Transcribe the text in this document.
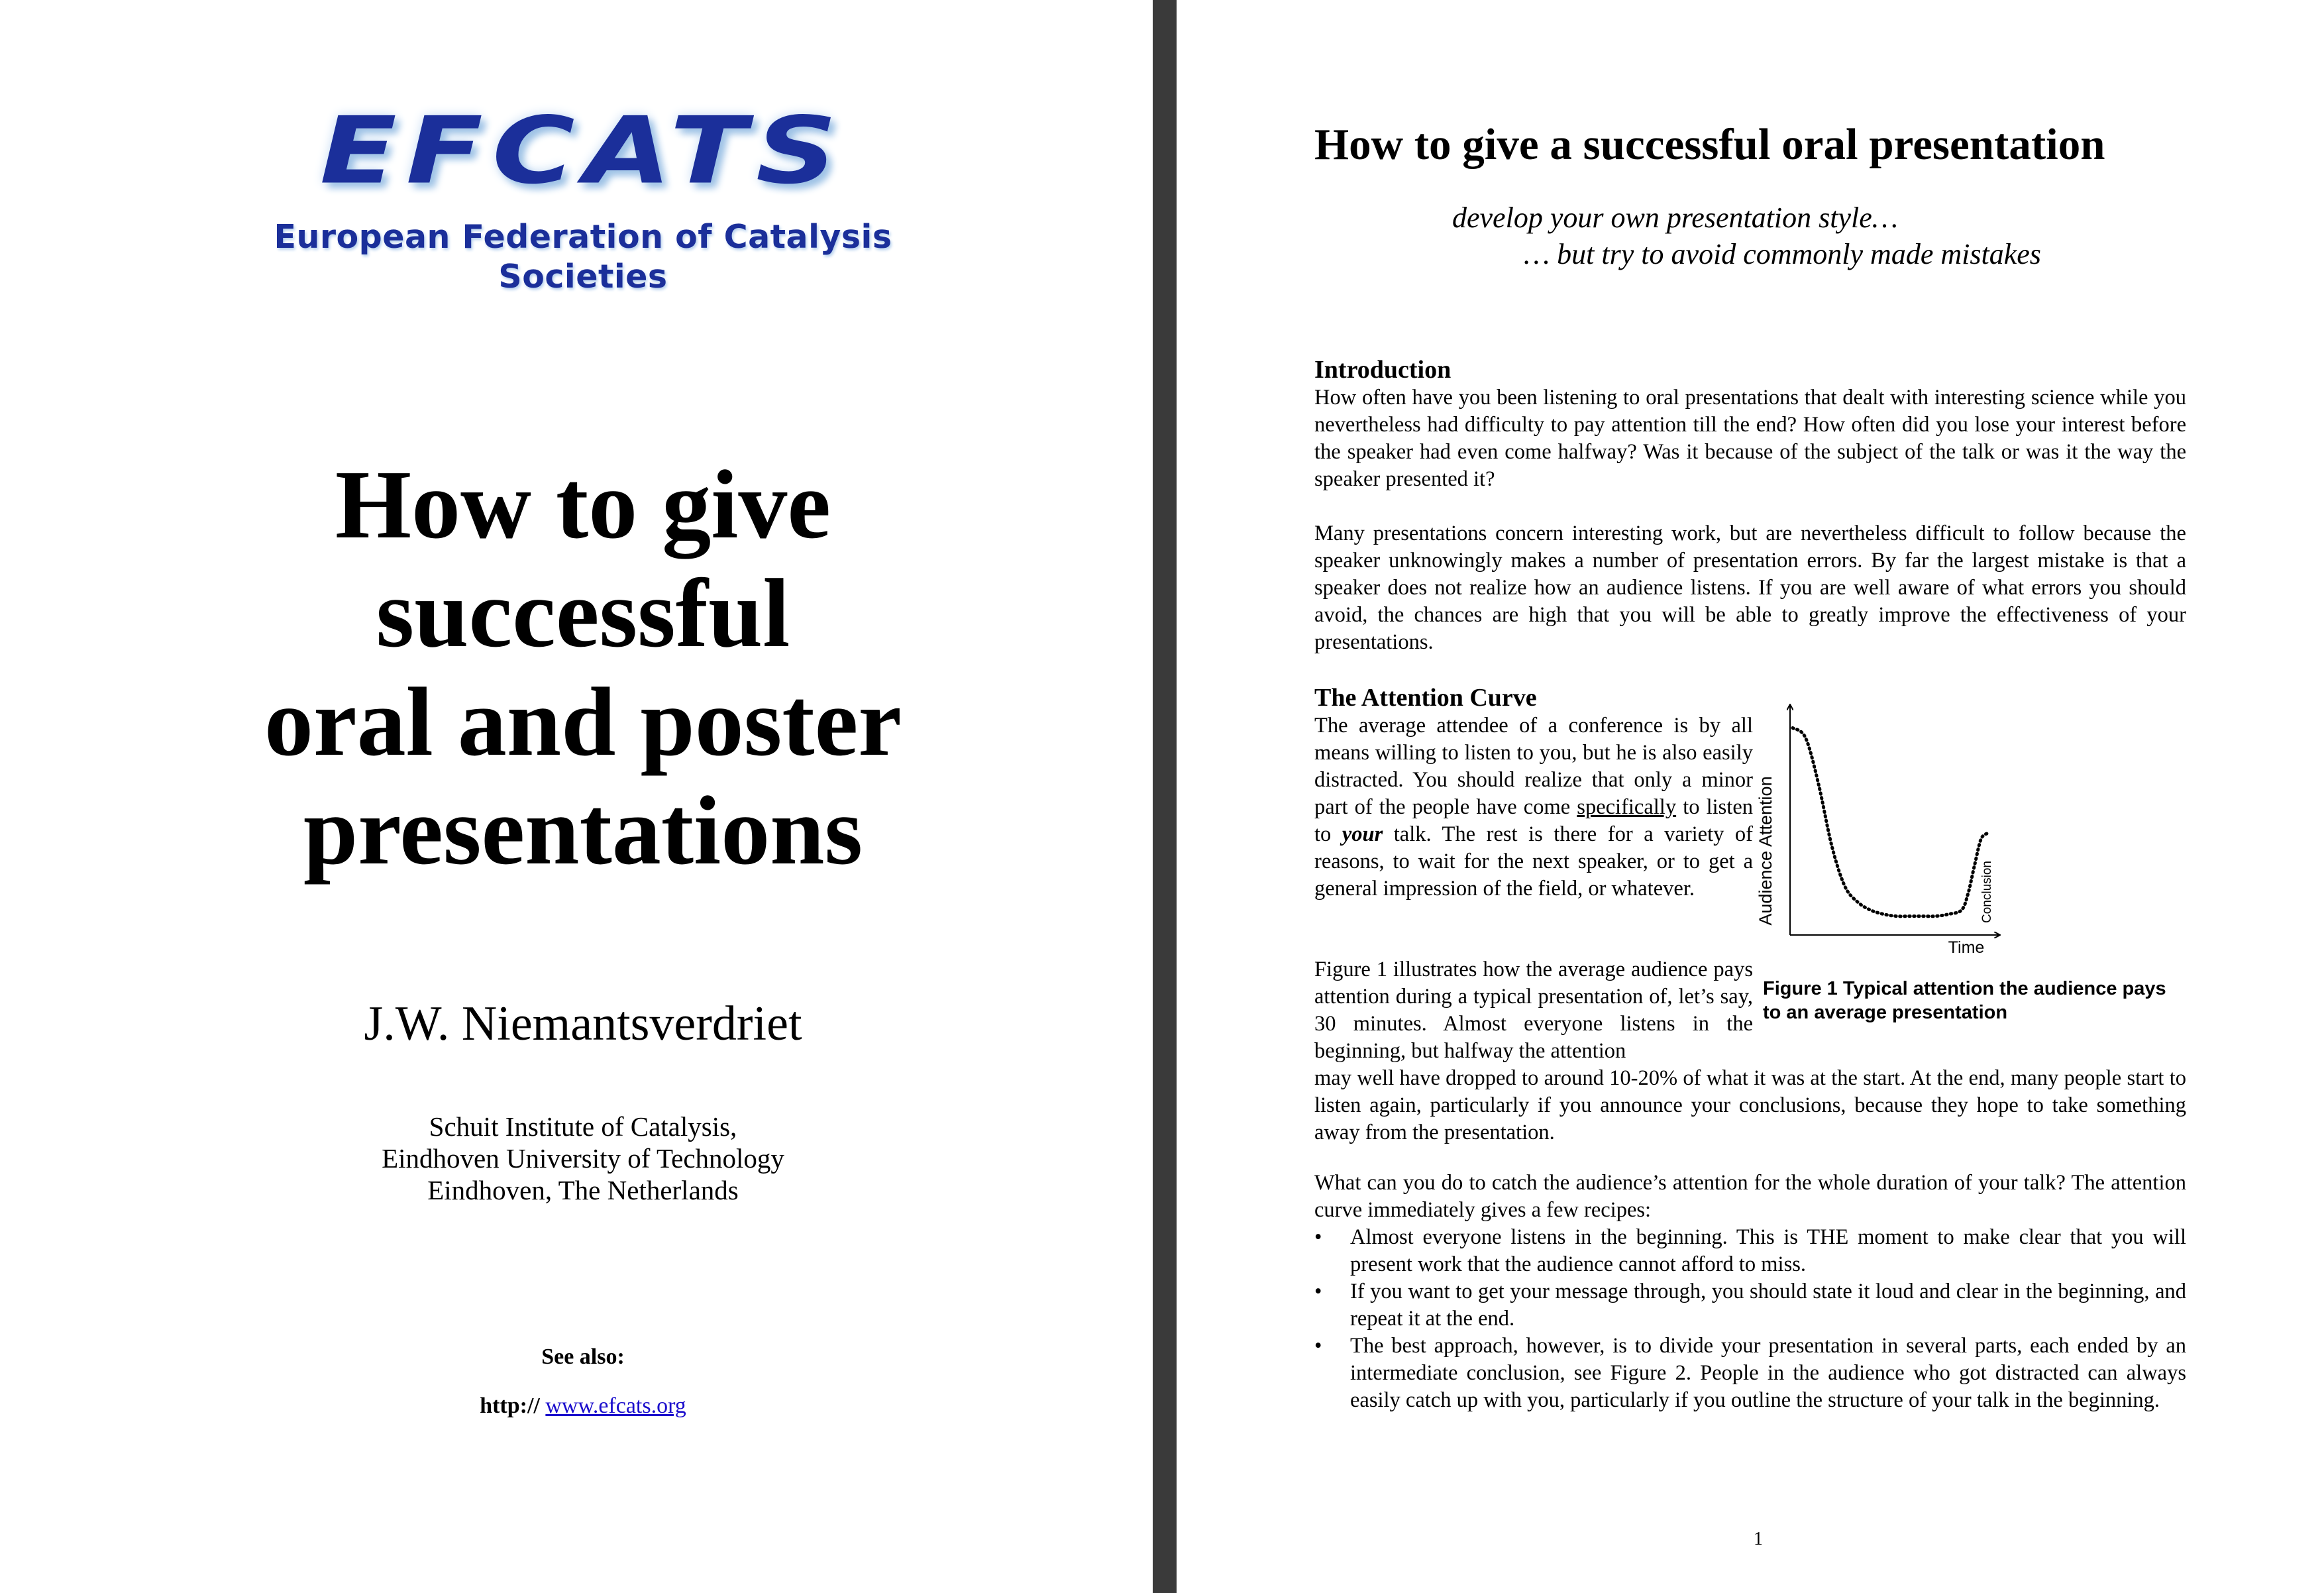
EFCATS
European Federation of Catalysis Societies
How to give
successful
oral and poster
presentations
J.W. Niemantsverdriet
Schuit Institute of Catalysis,
Eindhoven University of Technology
Eindhoven, The Netherlands
See also:
http:// www.efcats.org
How to give a successful oral presentation
develop your own presentation style…
… but try to avoid commonly made mistakes
Introduction

How often have you been listening to oral presentations that dealt with interesting science while you nevertheless had difficulty to pay attention till the end? How often did you lose your interest before the speaker had even come halfway? Was it because of the subject of the talk or was it the way the speaker presented it?

Many presentations concern interesting work, but are nevertheless difficult to follow because the speaker unknowingly makes a number of presentation errors. By far the largest mistake is that a speaker does not realize how an audience listens. If you are well aware of what errors you should avoid, the chances are high that you will be able to greatly improve the effectiveness of your presentations.

The Attention Curve

The average attendee of a conference is by all means willing to listen to you, but he is also easily distracted. You should realize that only a minor part of the people have come specifically to listen to your talk. The rest is there for a variety of reasons, to wait for the next speaker, or to get a general impression of the field, or whatever.

Figure 1 illustrates how the average audience pays attention during a typical presentation of, let’s say, 30 minutes. Almost everyone listens in the beginning, but halfway the attention

may well have dropped to around 10-20% of what it was at the start. At the end, many people start to listen again, particularly if you announce your conclusions, because they hope to take something away from the presentation.

What can you do to catch the audience’s attention for the whole duration of your talk? The attention curve immediately gives a few recipes:

•	Almost everyone listens in the beginning. This is THE moment to make clear that you will present work that the audience cannot afford to miss.
•	If you want to get your message through, you should state it loud and clear in the beginning, and repeat it at the end.
•	The best approach, however, is to divide your presentation in several parts, each ended by an intermediate conclusion, see Figure 2. People in the audience who got distracted can always easily catch up with you, particularly if you outline the structure of your talk in the beginning.
Audience Attention
Time
Conclusion
Figure 1 Typical attention the audience pays to an average presentation
1
